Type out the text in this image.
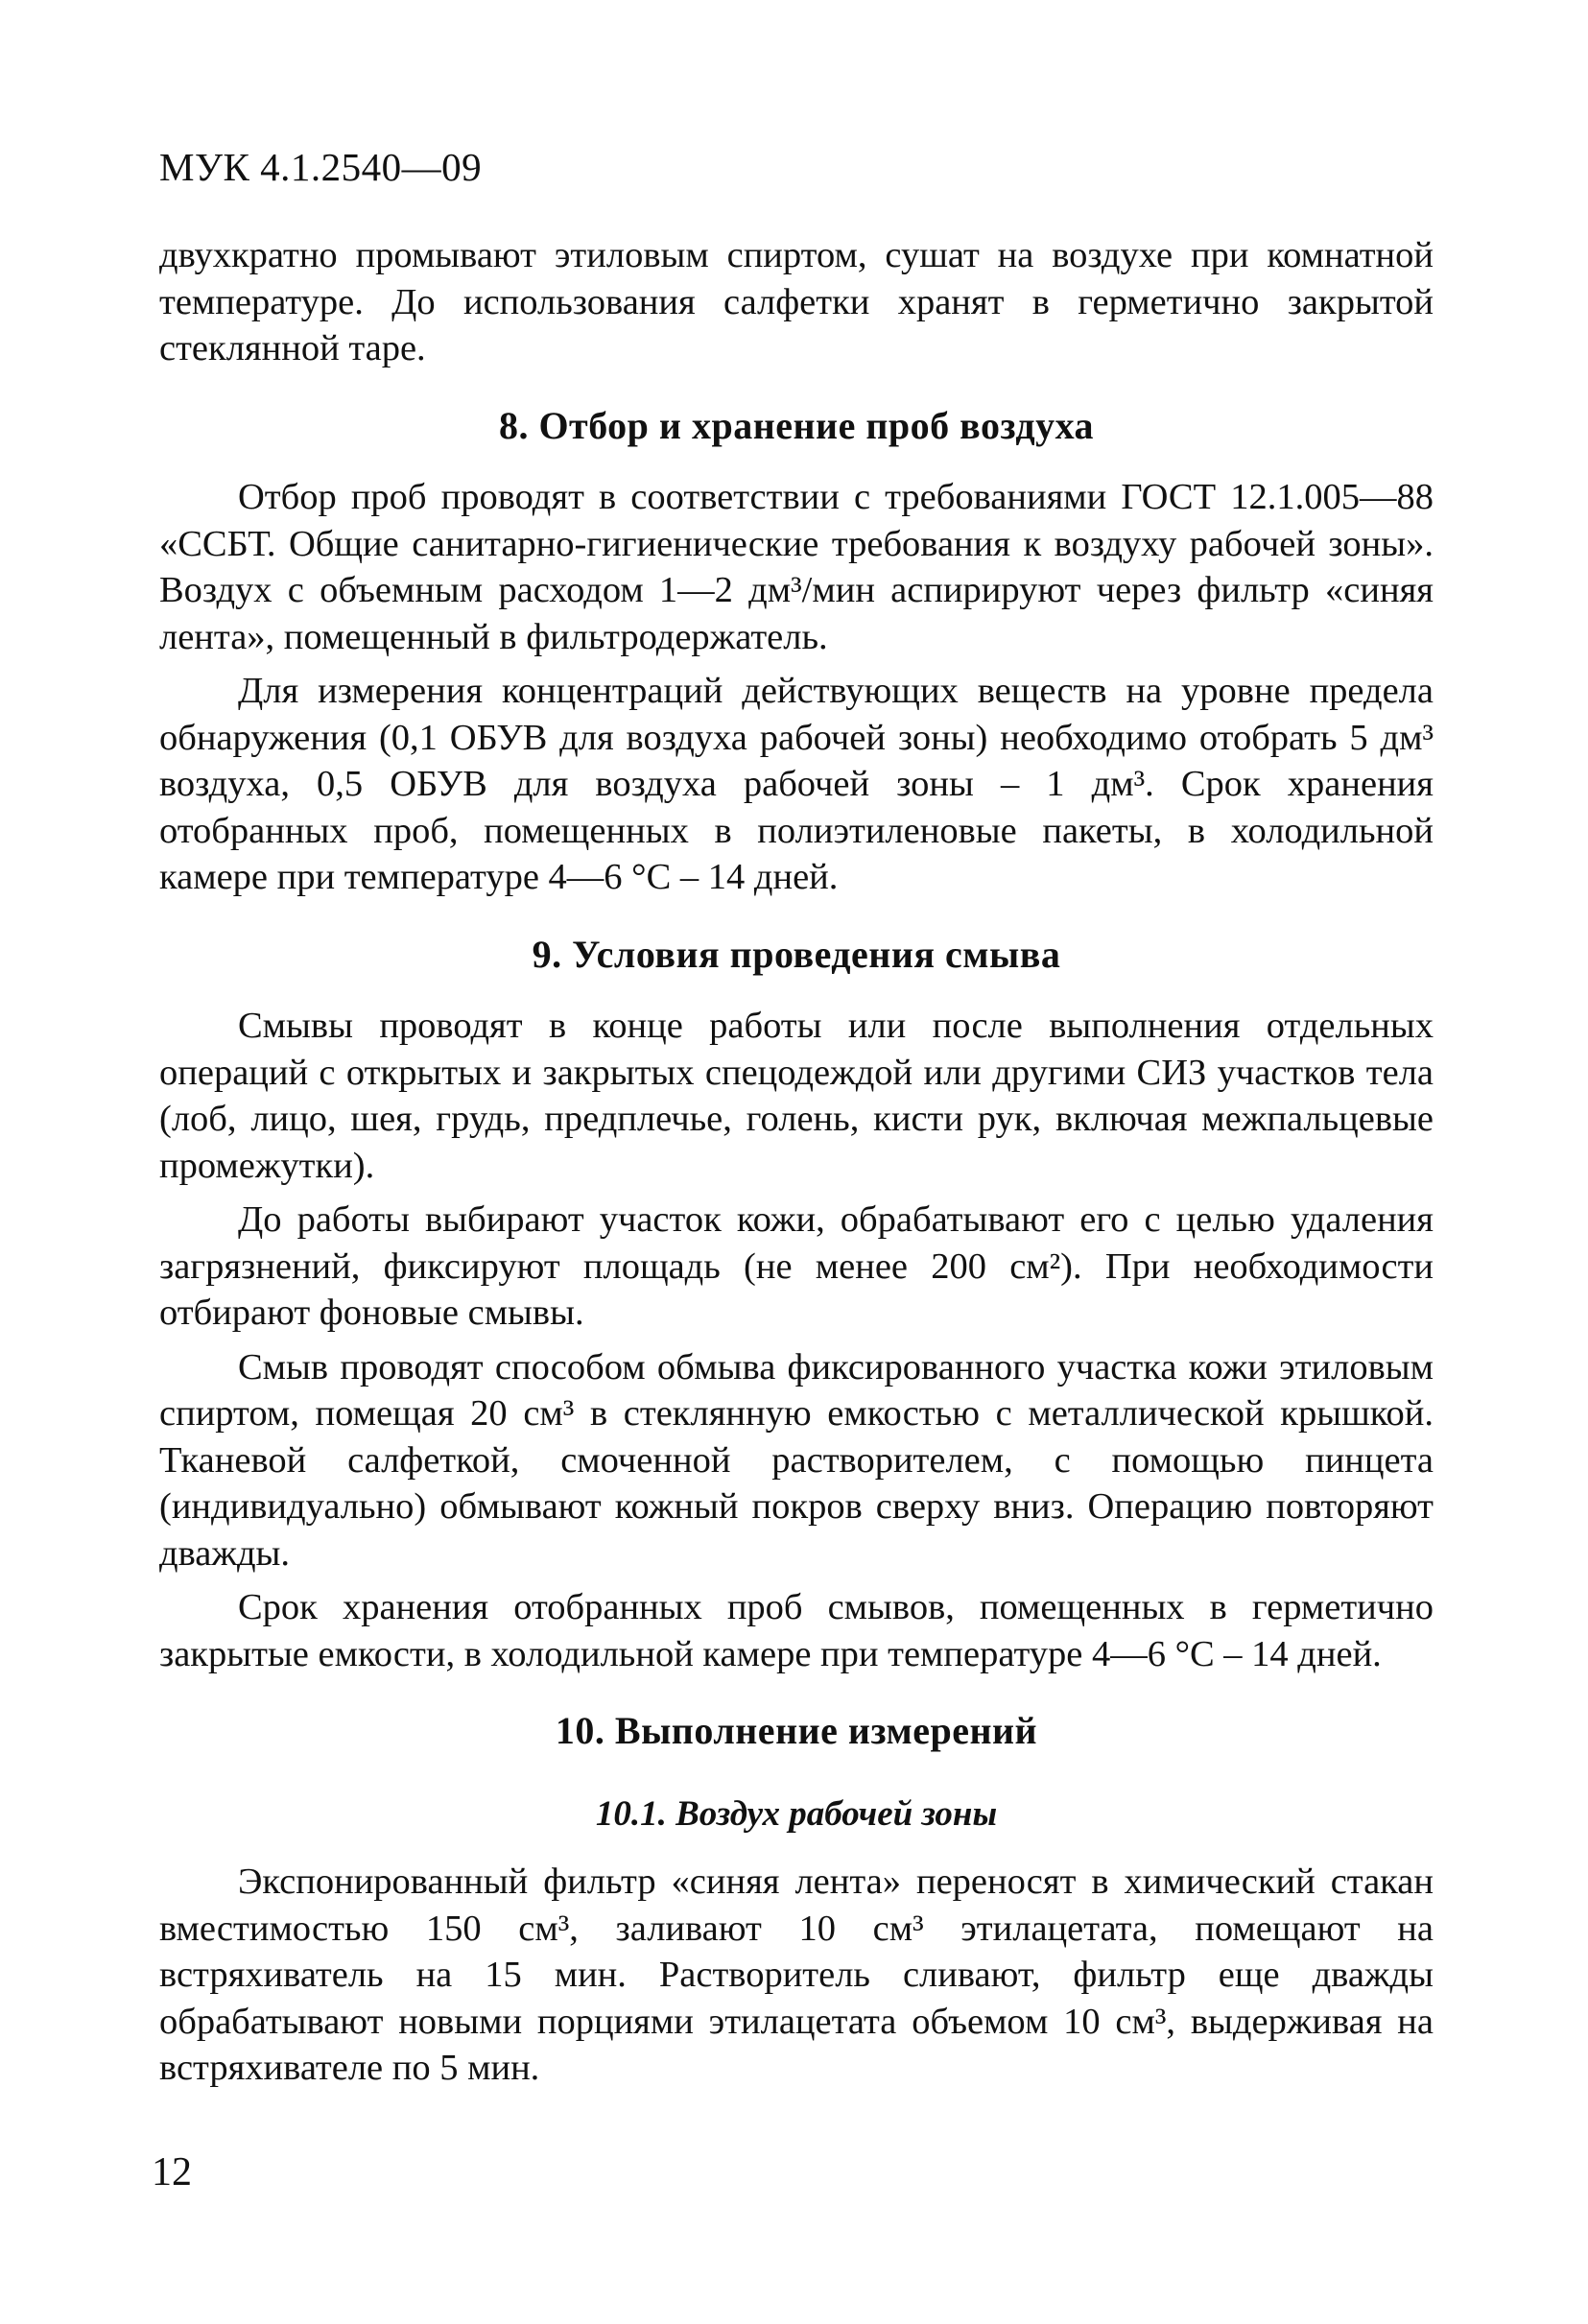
МУК 4.1.2540—09

двухкратно промывают этиловым спиртом, сушат на воздухе при комнатной температуре. До использования салфетки хранят в герметично закрытой стеклянной таре.

8. Отбор и хранение проб воздуха

Отбор проб проводят в соответствии с требованиями ГОСТ 12.1.005—88 «ССБТ. Общие санитарно-гигиенические требования к воздуху рабочей зоны». Воздух с объемным расходом 1—2 дм³/мин аспирируют через фильтр «синяя лента», помещенный в фильтродержатель.

Для измерения концентраций действующих веществ на уровне предела обнаружения (0,1 ОБУВ для воздуха рабочей зоны) необходимо отобрать 5 дм³ воздуха, 0,5 ОБУВ для воздуха рабочей зоны – 1 дм³. Срок хранения отобранных проб, помещенных в полиэтиленовые пакеты, в холодильной камере при температуре 4—6 °С – 14 дней.

9. Условия проведения смыва

Смывы проводят в конце работы или после выполнения отдельных операций с открытых и закрытых спецодеждой или другими СИЗ участков тела (лоб, лицо, шея, грудь, предплечье, голень, кисти рук, включая межпальцевые промежутки).

До работы выбирают участок кожи, обрабатывают его с целью удаления загрязнений, фиксируют площадь (не менее 200 см²). При необходимости отбирают фоновые смывы.

Смыв проводят способом обмыва фиксированного участка кожи этиловым спиртом, помещая 20 см³ в стеклянную емкостью с металлической крышкой. Тканевой салфеткой, смоченной растворителем, с помощью пинцета (индивидуально) обмывают кожный покров сверху вниз. Операцию повторяют дважды.

Срок хранения отобранных проб смывов, помещенных в герметично закрытые емкости, в холодильной камере при температуре 4—6 °С – 14 дней.

10. Выполнение измерений
10.1. Воздух рабочей зоны

Экспонированный фильтр «синяя лента» переносят в химический стакан вместимостью 150 см³, заливают 10 см³ этилацетата, помещают на встряхиватель на 15 мин. Растворитель сливают, фильтр еще дважды обрабатывают новыми порциями этилацетата объемом 10 см³, выдерживая на встряхивателе по 5 мин.

12
